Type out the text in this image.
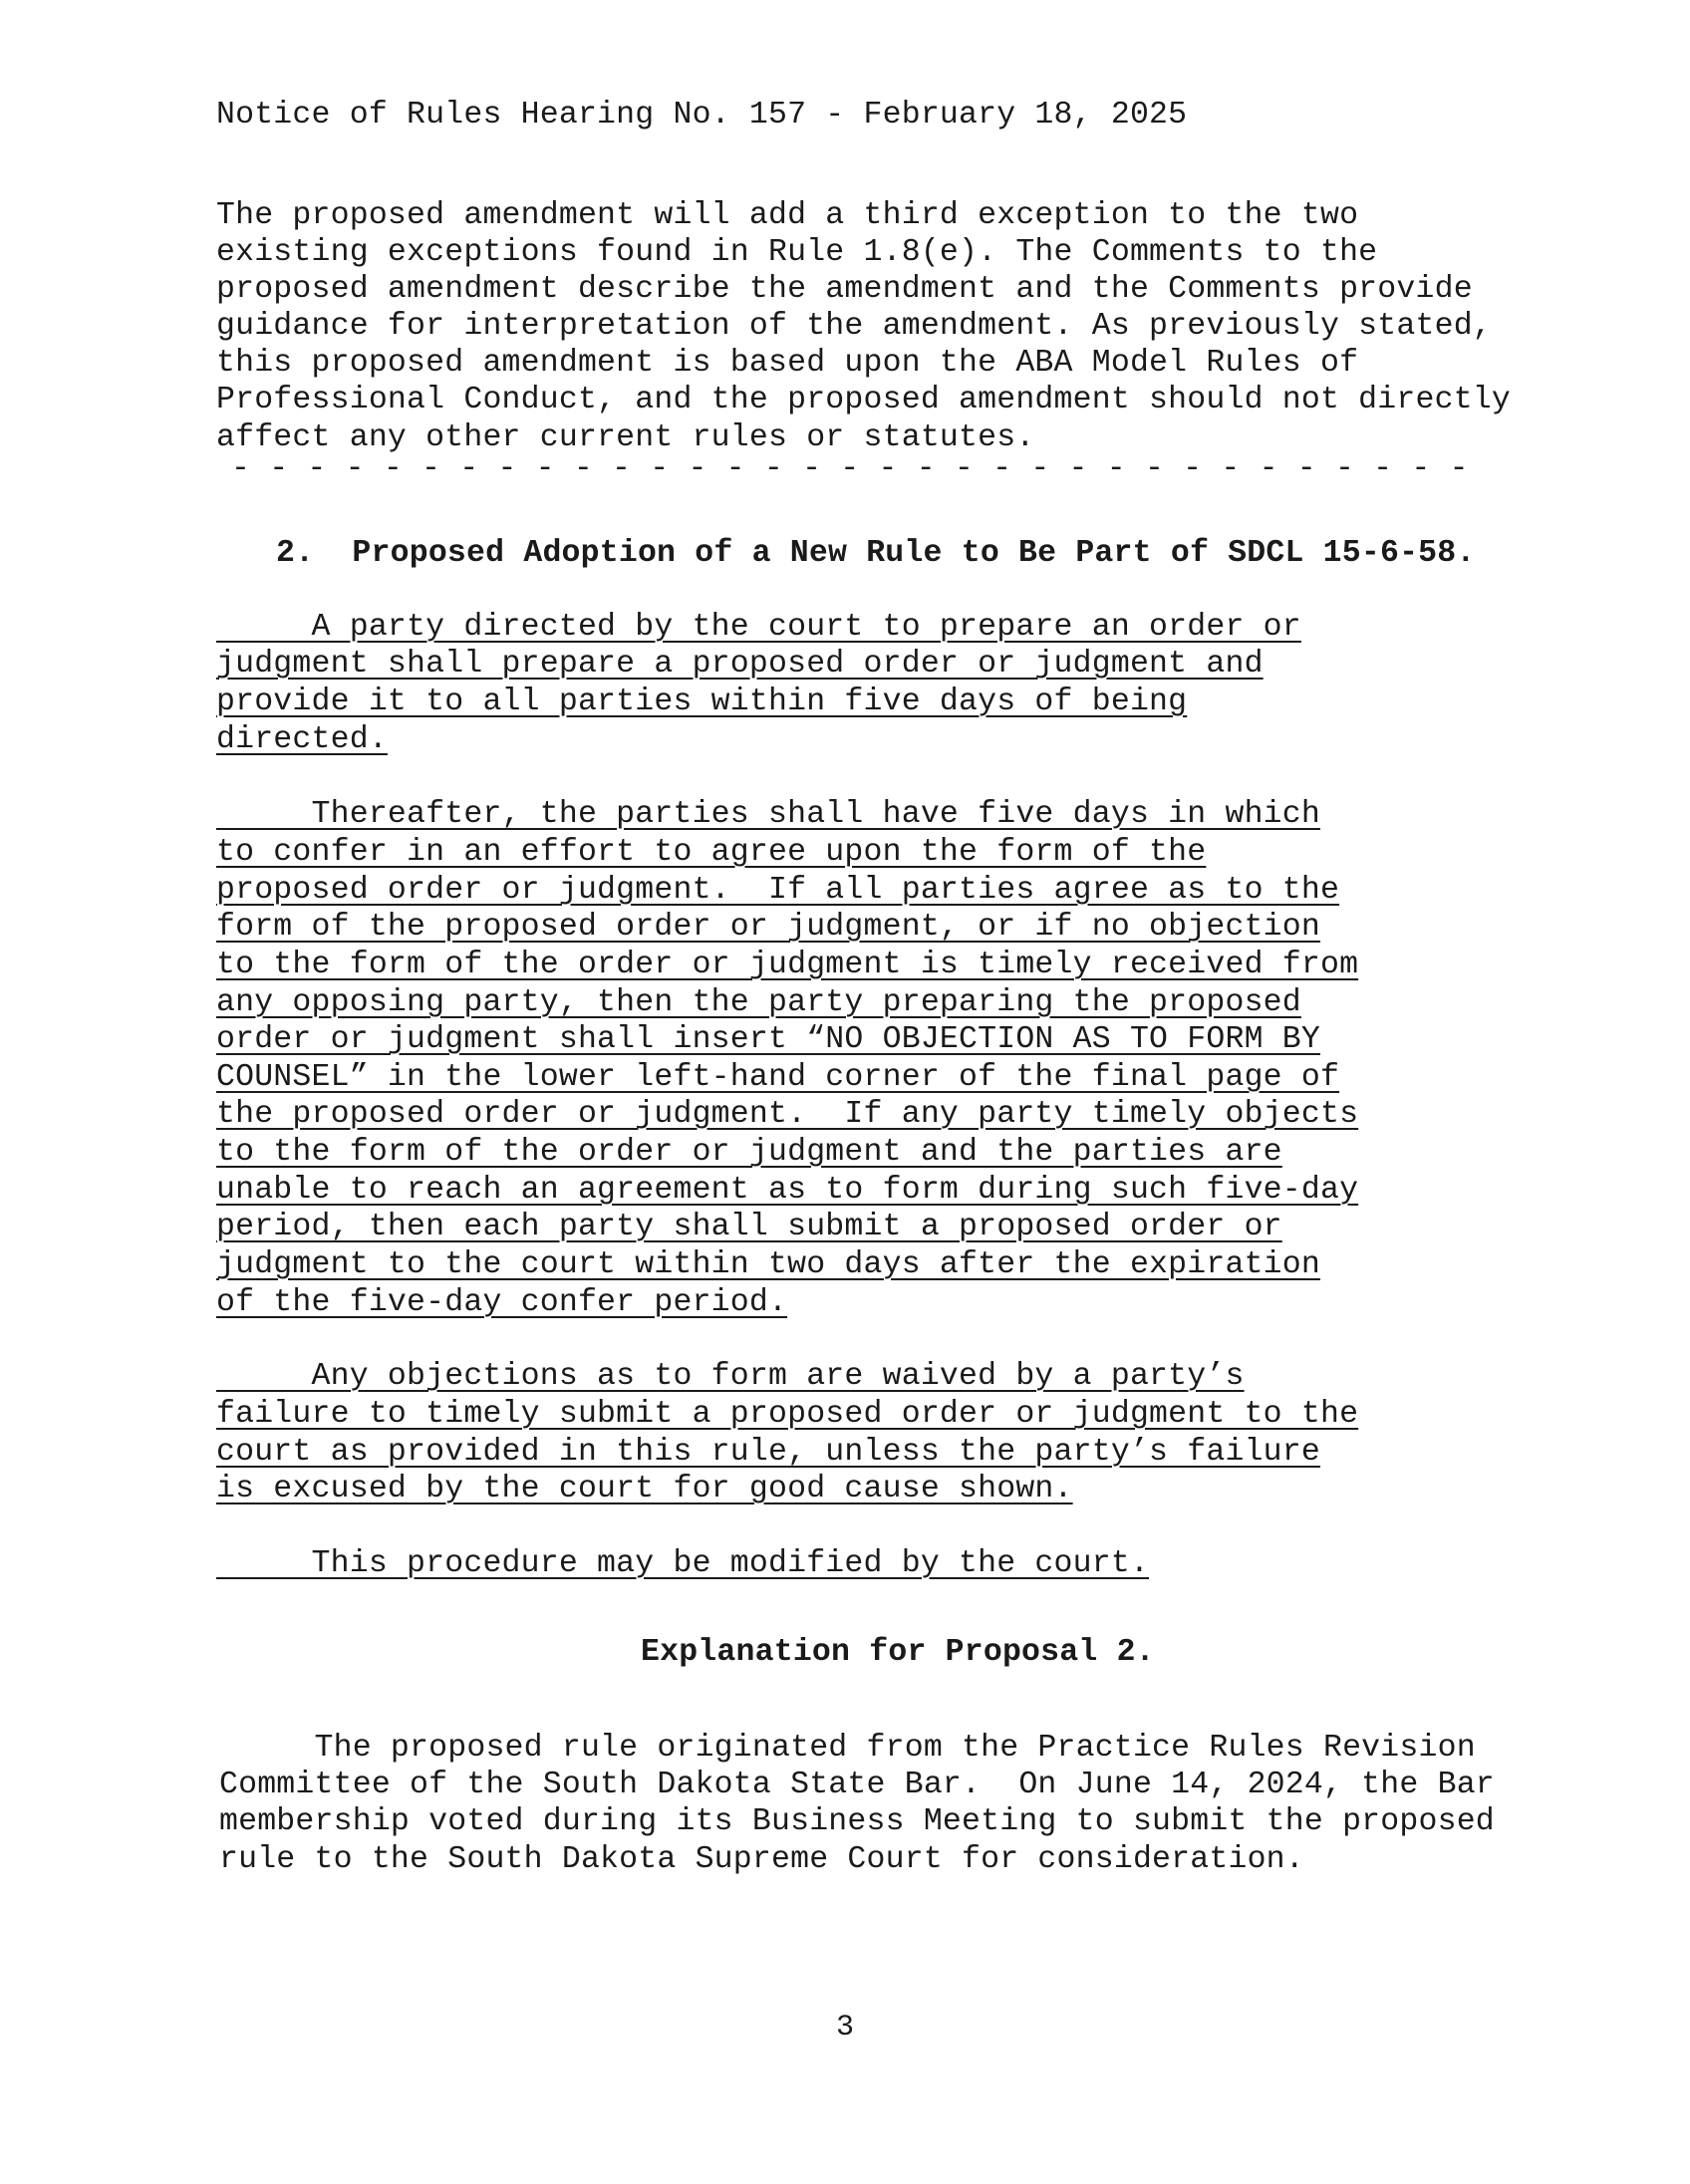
Notice of Rules Hearing No. 157 - February 18, 2025
The proposed amendment will add a third exception to the two
existing exceptions found in Rule 1.8(e). The Comments to the
proposed amendment describe the amendment and the Comments provide
guidance for interpretation of the amendment. As previously stated,
this proposed amendment is based upon the ABA Model Rules of
Professional Conduct, and the proposed amendment should not directly
affect any other current rules or statutes.
- - - - - - - - - - - - - - - - - - - - - - - - - - - - - - - - -
2.  Proposed Adoption of a New Rule to Be Part of SDCL 15-6-58.
A party directed by the court to prepare an order or
judgment shall prepare a proposed order or judgment and
provide it to all parties within five days of being
directed.
Thereafter, the parties shall have five days in which
to confer in an effort to agree upon the form of the
proposed order or judgment.  If all parties agree as to the
form of the proposed order or judgment, or if no objection
to the form of the order or judgment is timely received from
any opposing party, then the party preparing the proposed
order or judgment shall insert “NO OBJECTION AS TO FORM BY
COUNSEL” in the lower left-hand corner of the final page of
the proposed order or judgment.  If any party timely objects
to the form of the order or judgment and the parties are
unable to reach an agreement as to form during such five-day
period, then each party shall submit a proposed order or
judgment to the court within two days after the expiration
of the five-day confer period.
Any objections as to form are waived by a party’s
failure to timely submit a proposed order or judgment to the
court as provided in this rule, unless the party’s failure
is excused by the court for good cause shown.
This procedure may be modified by the court.
Explanation for Proposal 2.
The proposed rule originated from the Practice Rules Revision
Committee of the South Dakota State Bar.  On June 14, 2024, the Bar
membership voted during its Business Meeting to submit the proposed
rule to the South Dakota Supreme Court for consideration.
3
